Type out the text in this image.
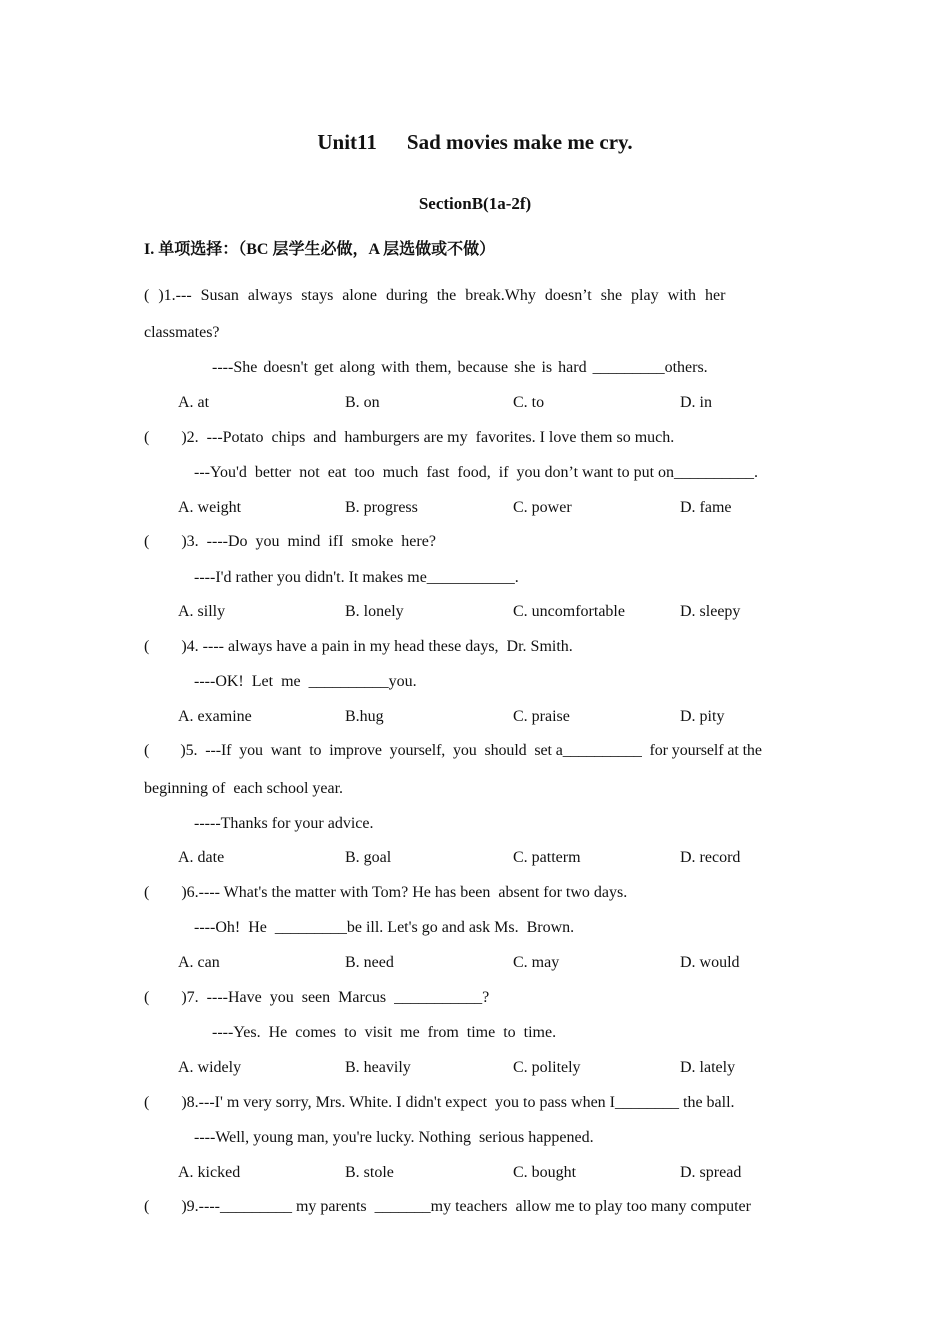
Unit11 Sad movies make me cry.
SectionB(1a-2f)
I. 单项选择：（BC 层学生必做，A 层选做或不做）
( )1.--- Susan always stays alone during the break.Why doesn’t she play with her
classmates?
----She doesn't get along with them, because she is hard _________others.
A. at	B. on	C. to	D. in
(        )2.  ---Potato  chips  and  hamburgers are my  favorites. I love them so much.
---You'd  better  not  eat  too  much  fast  food,  if  you don’t want to put on__________.
A. weight	B. progress	C. power	D. fame
(        )3.  ----Do  you  mind  ifI  smoke  here?
----I'd rather you didn't. It makes me___________.
A. silly	B. lonely	C. uncomfortable	D. sleepy
(        )4. ---- always have a pain in my head these days,  Dr. Smith.
----OK!  Let  me  __________you.
A. examine	B.hug	C. praise	D. pity
(        )5.  ---If  you  want  to  improve  yourself,  you  should  set a__________  for yourself at the
beginning of  each school year.
-----Thanks for your advice.
A. date	B. goal	C. patterm	D. record
(        )6.---- What's the matter with Tom? He has been  absent for two days.
----Oh!  He  _________be ill. Let's go and ask Ms.  Brown.
A. can	B. need	C. may	D. would
(        )7.  ----Have  you  seen  Marcus  ___________?
----Yes.  He  comes  to  visit  me  from  time  to  time.
A. widely	B. heavily	C. politely	D. lately
(        )8.---I' m very sorry, Mrs. White. I didn't expect  you to pass when I________ the ball.
----Well, young man, you're lucky. Nothing  serious happened.
A. kicked	B. stole	C. bought	D. spread
(        )9.----_________ my parents  _______my teachers  allow me to play too many computer
